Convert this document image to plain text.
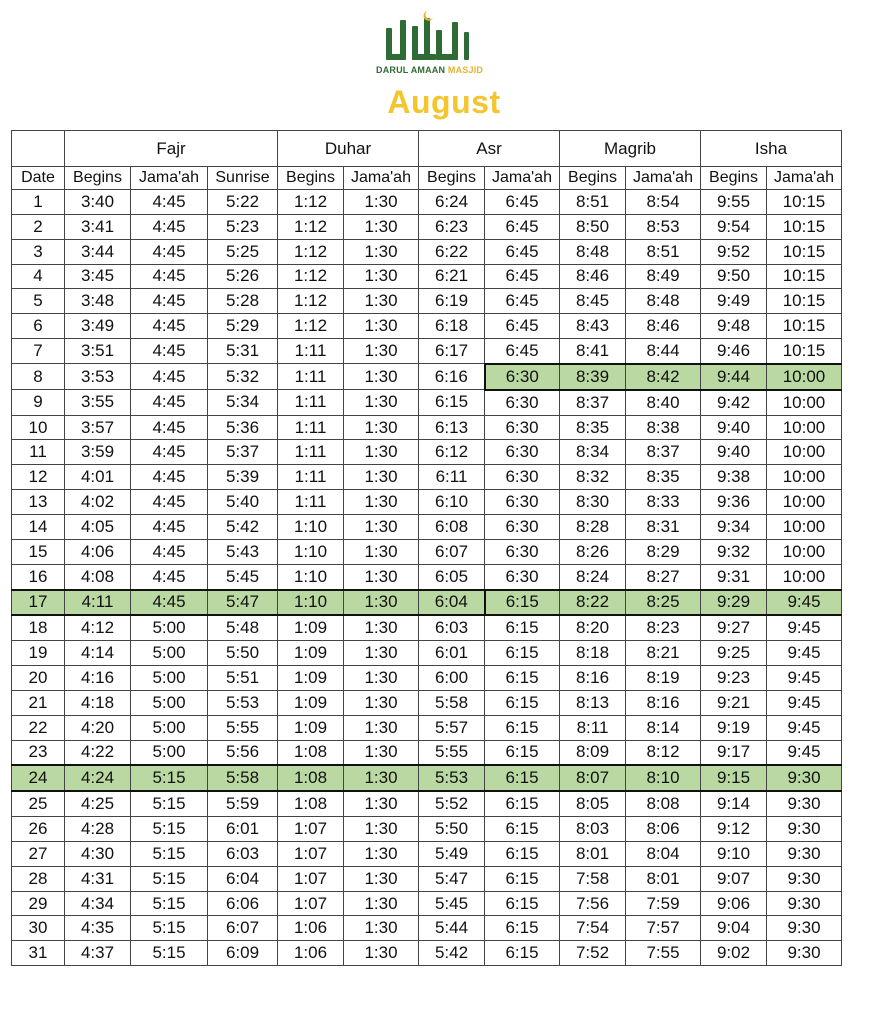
DARUL AMAAN MASJID
August
	Fajr			Duhar		Asr		Magrib		Isha	
Date	Begins	Jama'ah	Sunrise	Begins	Jama'ah	Begins	Jama'ah	Begins	Jama'ah	Begins	Jama'ah
1	3:40	4:45	5:22	1:12	1:30	6:24	6:45	8:51	8:54	9:55	10:15
2	3:41	4:45	5:23	1:12	1:30	6:23	6:45	8:50	8:53	9:54	10:15
3	3:44	4:45	5:25	1:12	1:30	6:22	6:45	8:48	8:51	9:52	10:15
4	3:45	4:45	5:26	1:12	1:30	6:21	6:45	8:46	8:49	9:50	10:15
5	3:48	4:45	5:28	1:12	1:30	6:19	6:45	8:45	8:48	9:49	10:15
6	3:49	4:45	5:29	1:12	1:30	6:18	6:45	8:43	8:46	9:48	10:15
7	3:51	4:45	5:31	1:11	1:30	6:17	6:45	8:41	8:44	9:46	10:15
8	3:53	4:45	5:32	1:11	1:30	6:16	6:30	8:39	8:42	9:44	10:00
9	3:55	4:45	5:34	1:11	1:30	6:15	6:30	8:37	8:40	9:42	10:00
10	3:57	4:45	5:36	1:11	1:30	6:13	6:30	8:35	8:38	9:40	10:00
11	3:59	4:45	5:37	1:11	1:30	6:12	6:30	8:34	8:37	9:40	10:00
12	4:01	4:45	5:39	1:11	1:30	6:11	6:30	8:32	8:35	9:38	10:00
13	4:02	4:45	5:40	1:11	1:30	6:10	6:30	8:30	8:33	9:36	10:00
14	4:05	4:45	5:42	1:10	1:30	6:08	6:30	8:28	8:31	9:34	10:00
15	4:06	4:45	5:43	1:10	1:30	6:07	6:30	8:26	8:29	9:32	10:00
16	4:08	4:45	5:45	1:10	1:30	6:05	6:30	8:24	8:27	9:31	10:00
17	4:11	4:45	5:47	1:10	1:30	6:04	6:15	8:22	8:25	9:29	9:45
18	4:12	5:00	5:48	1:09	1:30	6:03	6:15	8:20	8:23	9:27	9:45
19	4:14	5:00	5:50	1:09	1:30	6:01	6:15	8:18	8:21	9:25	9:45
20	4:16	5:00	5:51	1:09	1:30	6:00	6:15	8:16	8:19	9:23	9:45
21	4:18	5:00	5:53	1:09	1:30	5:58	6:15	8:13	8:16	9:21	9:45
22	4:20	5:00	5:55	1:09	1:30	5:57	6:15	8:11	8:14	9:19	9:45
23	4:22	5:00	5:56	1:08	1:30	5:55	6:15	8:09	8:12	9:17	9:45
24	4:24	5:15	5:58	1:08	1:30	5:53	6:15	8:07	8:10	9:15	9:30
25	4:25	5:15	5:59	1:08	1:30	5:52	6:15	8:05	8:08	9:14	9:30
26	4:28	5:15	6:01	1:07	1:30	5:50	6:15	8:03	8:06	9:12	9:30
27	4:30	5:15	6:03	1:07	1:30	5:49	6:15	8:01	8:04	9:10	9:30
28	4:31	5:15	6:04	1:07	1:30	5:47	6:15	7:58	8:01	9:07	9:30
29	4:34	5:15	6:06	1:07	1:30	5:45	6:15	7:56	7:59	9:06	9:30
30	4:35	5:15	6:07	1:06	1:30	5:44	6:15	7:54	7:57	9:04	9:30
31	4:37	5:15	6:09	1:06	1:30	5:42	6:15	7:52	7:55	9:02	9:30
